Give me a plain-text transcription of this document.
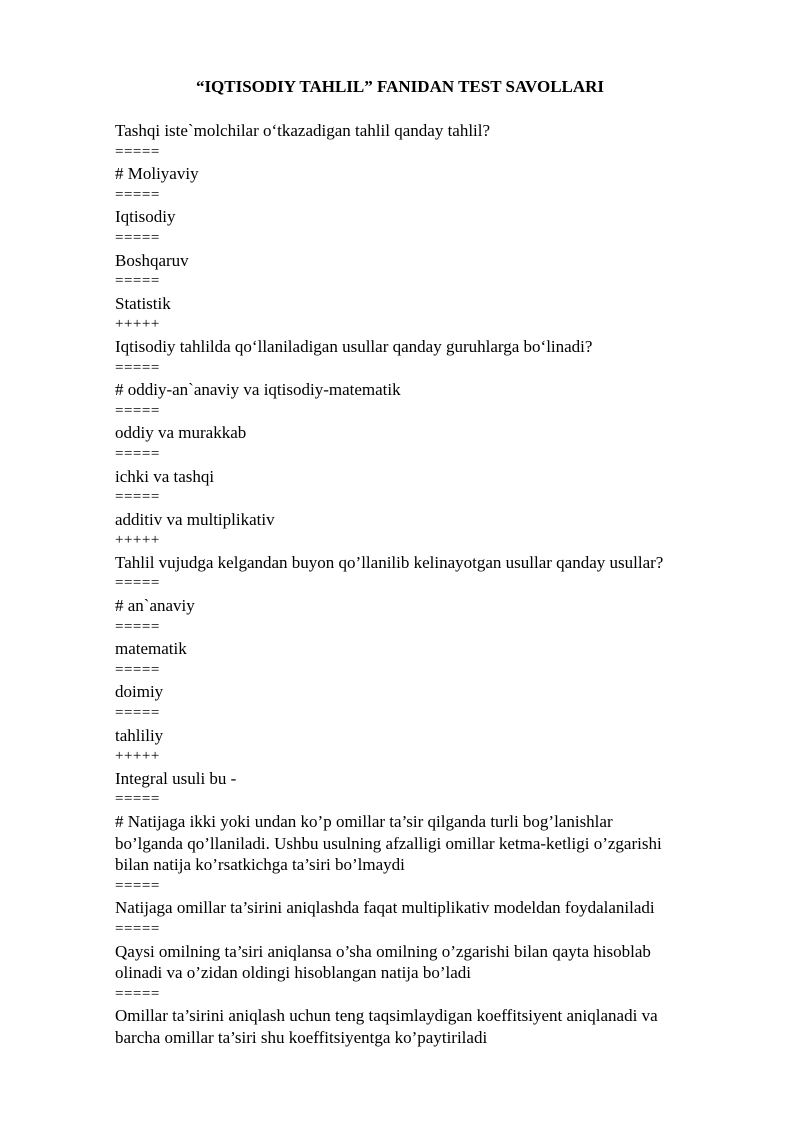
“IQTISODIY TAHLIL” FANIDAN TEST SAVOLLARI

Tashqi iste`molchilar o‘tkazadigan tahlil qanday tahlil?

=====

# Moliyaviy

=====

Iqtisodiy

=====

Boshqaruv

=====

Statistik

+++++

Iqtisodiy tahlilda qo‘llaniladigan usullar qanday guruhlarga bo‘linadi?

=====

# oddiy-an`anaviy va iqtisodiy-matematik

=====

oddiy va murakkab

=====

ichki va tashqi

=====

additiv va multiplikativ

+++++

Tahlil vujudga kelgandan buyon qo’llanilib kelinayotgan usullar qanday usullar?

=====

# an`anaviy

=====

matematik

=====

doimiy

=====

tahliliy

+++++

Integral usuli bu -

=====

# Natijaga ikki yoki undan ko’p omillar ta’sir qilganda turli bog’lanishlar

bo’lganda qo’llaniladi. Ushbu usulning afzalligi omillar ketma-ketligi o’zgarishi

bilan natija ko’rsatkichga ta’siri bo’lmaydi

=====

Natijaga omillar ta’sirini aniqlashda faqat multiplikativ modeldan foydalaniladi

=====

Qaysi omilning ta’siri aniqlansa o’sha omilning o’zgarishi bilan qayta hisoblab

olinadi va o’zidan oldingi hisoblangan natija bo’ladi

=====

Omillar ta’sirini aniqlash uchun teng taqsimlaydigan koeffitsiyent aniqlanadi va

barcha omillar ta’siri shu koeffitsiyentga ko’paytiriladi
